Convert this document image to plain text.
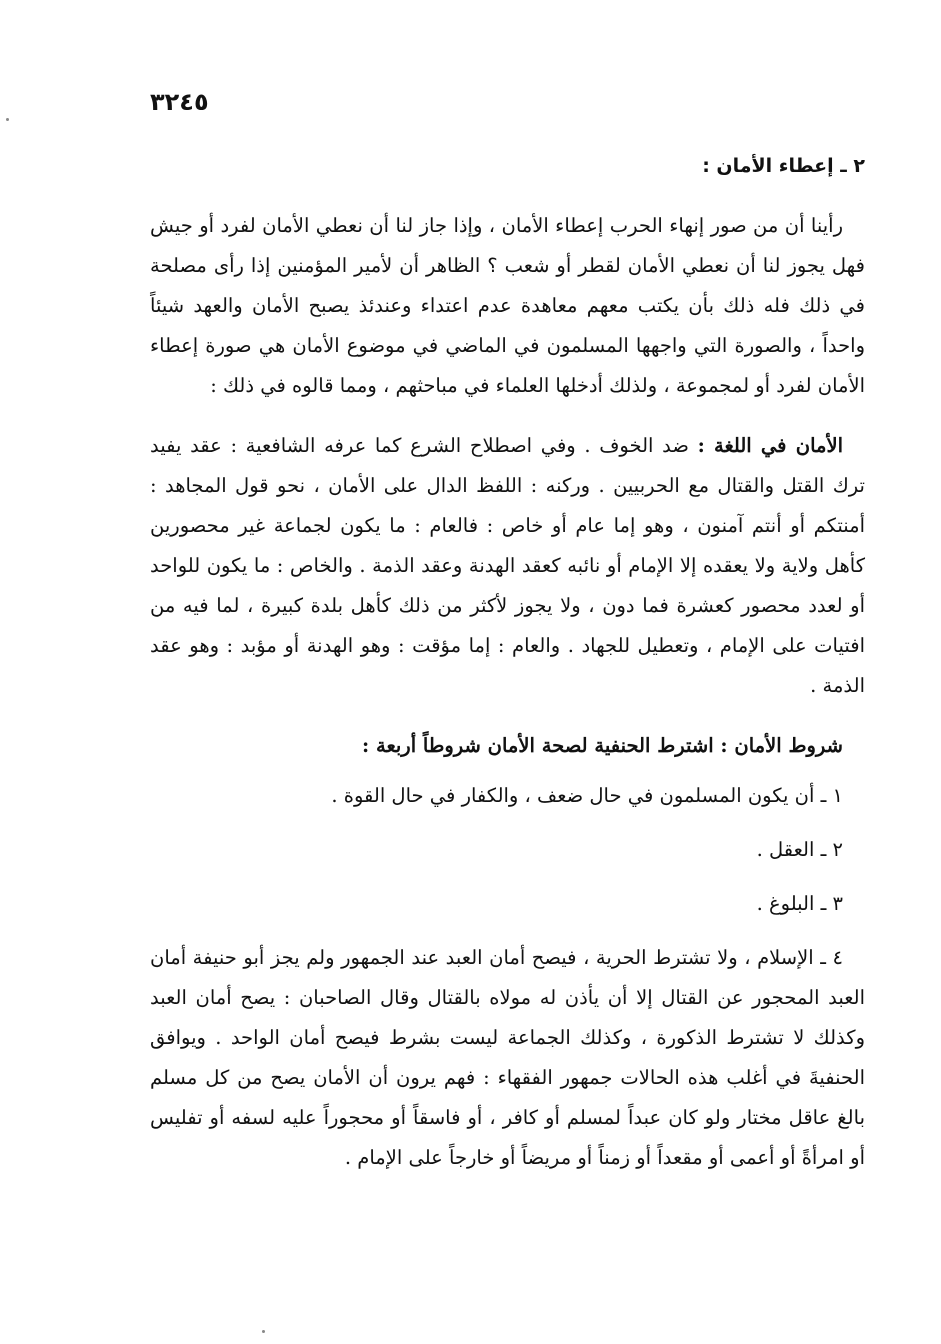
٣٢٤٥
٢ ـ إعطاء الأمان :

رأينا أن من صور إنهاء الحرب إعطاء الأمان ، وإذا جاز لنا أن نعطي الأمان لفرد أو جيش فهل يجوز لنا أن نعطي الأمان لقطر أو شعب ؟ الظاهر أن لأمير المؤمنين إذا رأى مصلحة في ذلك فله ذلك بأن يكتب معهم معاهدة عدم اعتداء وعندئذ يصبح الأمان والعهد شيئاً واحداً ، والصورة التي واجهها المسلمون في الماضي في موضوع الأمان هي صورة إعطاء الأمان لفرد أو لمجموعة ، ولذلك أدخلها العلماء في مباحثهم ، ومما قالوه في ذلك :

الأمان في اللغة : ضد الخوف . وفي اصطلاح الشرع كما عرفه الشافعية : عقد يفيد ترك القتل والقتال مع الحربيين . وركنه : اللفظ الدال على الأمان ، نحو قول المجاهد : أمنتكم أو أنتم آمنون ، وهو إما عام أو خاص : فالعام : ما يكون لجماعة غير محصورين كأهل ولاية ولا يعقده إلا الإمام أو نائبه كعقد الهدنة وعقد الذمة . والخاص : ما يكون للواحد أو لعدد محصور كعشرة فما دون ، ولا يجوز لأكثر من ذلك كأهل بلدة كبيرة ، لما فيه من افتيات على الإمام ، وتعطيل للجهاد . والعام : إما مؤقت : وهو الهدنة أو مؤبد : وهو عقد الذمة .

شروط الأمان : اشترط الحنفية لصحة الأمان شروطاً أربعة :
١ ـ أن يكون المسلمون في حال ضعف ، والكفار في حال القوة .
٢ ـ العقل .
٣ ـ البلوغ .

٤ ـ الإسلام ، ولا تشترط الحرية ، فيصح أمان العبد عند الجمهور ولم يجز أبو حنيفة أمان العبد المحجور عن القتال إلا أن يأذن له مولاه بالقتال وقال الصاحبان : يصح أمان العبد وكذلك لا تشترط الذكورة ، وكذلك الجماعة ليست بشرط فيصح أمان الواحد . ويوافق الحنفيةَ في أغلب هذه الحالات جمهور الفقهاء : فهم يرون أن الأمان يصح من كل مسلم بالغ عاقل مختار ولو كان عبداً لمسلم أو كافر ، أو فاسقاً أو محجوراً عليه لسفه أو تفليس أو امرأةً أو أعمى أو مقعداً أو زمناً أو مريضاً أو خارجاً على الإمام .
